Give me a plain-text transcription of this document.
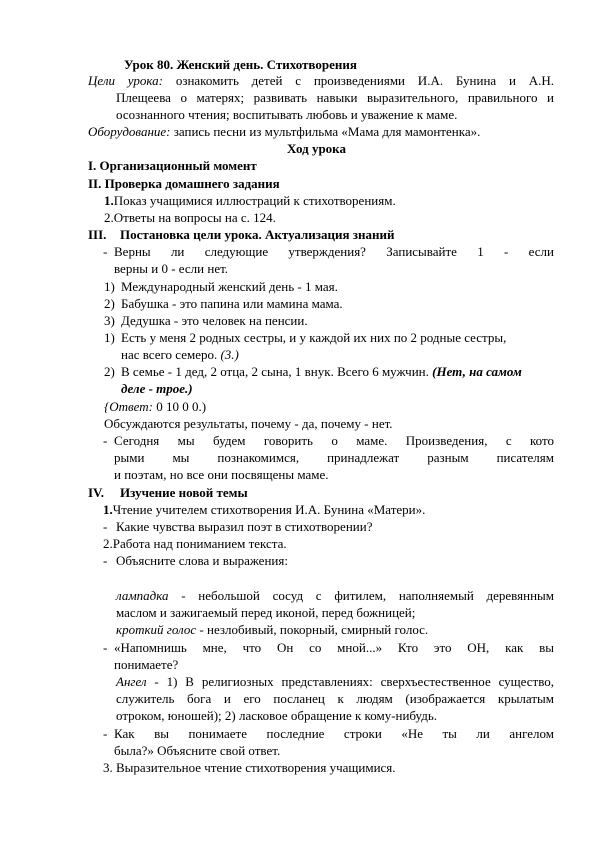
Урок 80. Женский день. Стихотворения
Цели урока: ознакомить детей с произведениями И.А. Бунина и А.Н.
Плещеева о матерях; развивать навыки выразительного, правильного и
осознанного чтения; воспитывать любовь и уважение к маме.
Оборудование: запись песни из мультфильма «Мама для мамонтенка».
Ход урока
I. Организационный момент
II. Проверка домашнего задания
1.Показ учащимися иллюстраций к стихотворениям.
2.Ответы на вопросы на с. 124.
III. Постановка цели урока. Актуализация знаний
- Верны ли следующие утверждения? Записывайте 1 - если
верны и 0 - если нет.
1) Международный женский день - 1 мая.
2) Бабушка - это папина или мамина мама.
3) Дедушка - это человек на пенсии.
1) Есть у меня 2 родных сестры, и у каждой их них по 2 родные сестры,
нас всего семеро. (3.)
2) В семье - 1 дед, 2 отца, 2 сына, 1 внук. Всего 6 мужчин. (Нет, на самом
деле - трое.)
{Ответ: 0 10 0 0.)
Обсуждаются результаты, почему - да, почему - нет.
- Сегодня мы будем говорить о маме. Произведения, с кото
рыми мы познакомимся, принадлежат разным писателям
и поэтам, но все они посвящены маме.
IV. Изучение новой темы
1.Чтение учителем стихотворения И.А. Бунина «Матери».
- Какие чувства выразил поэт в стихотворении?
2.Работа над пониманием текста.
- Объясните слова и выражения:
лампадка - небольшой сосуд с фитилем, наполняемый деревянным
маслом и зажигаемый перед иконой, перед божницей;
кроткий голос - незлобивый, покорный, смирный голос.
- «Напомнишь мне, что Он со мной...» Кто это ОН, как вы
понимаете?
Ангел - 1) В религиозных представлениях: сверхъестественное существо,
служитель бога и его посланец к людям (изображается крылатым
отроком, юношей); 2) ласковое обращение к кому-нибудь.
- Как вы понимаете последние строки «Не ты ли ангелом
была?» Объясните свой ответ.
3. Выразительное чтение стихотворения учащимися.
